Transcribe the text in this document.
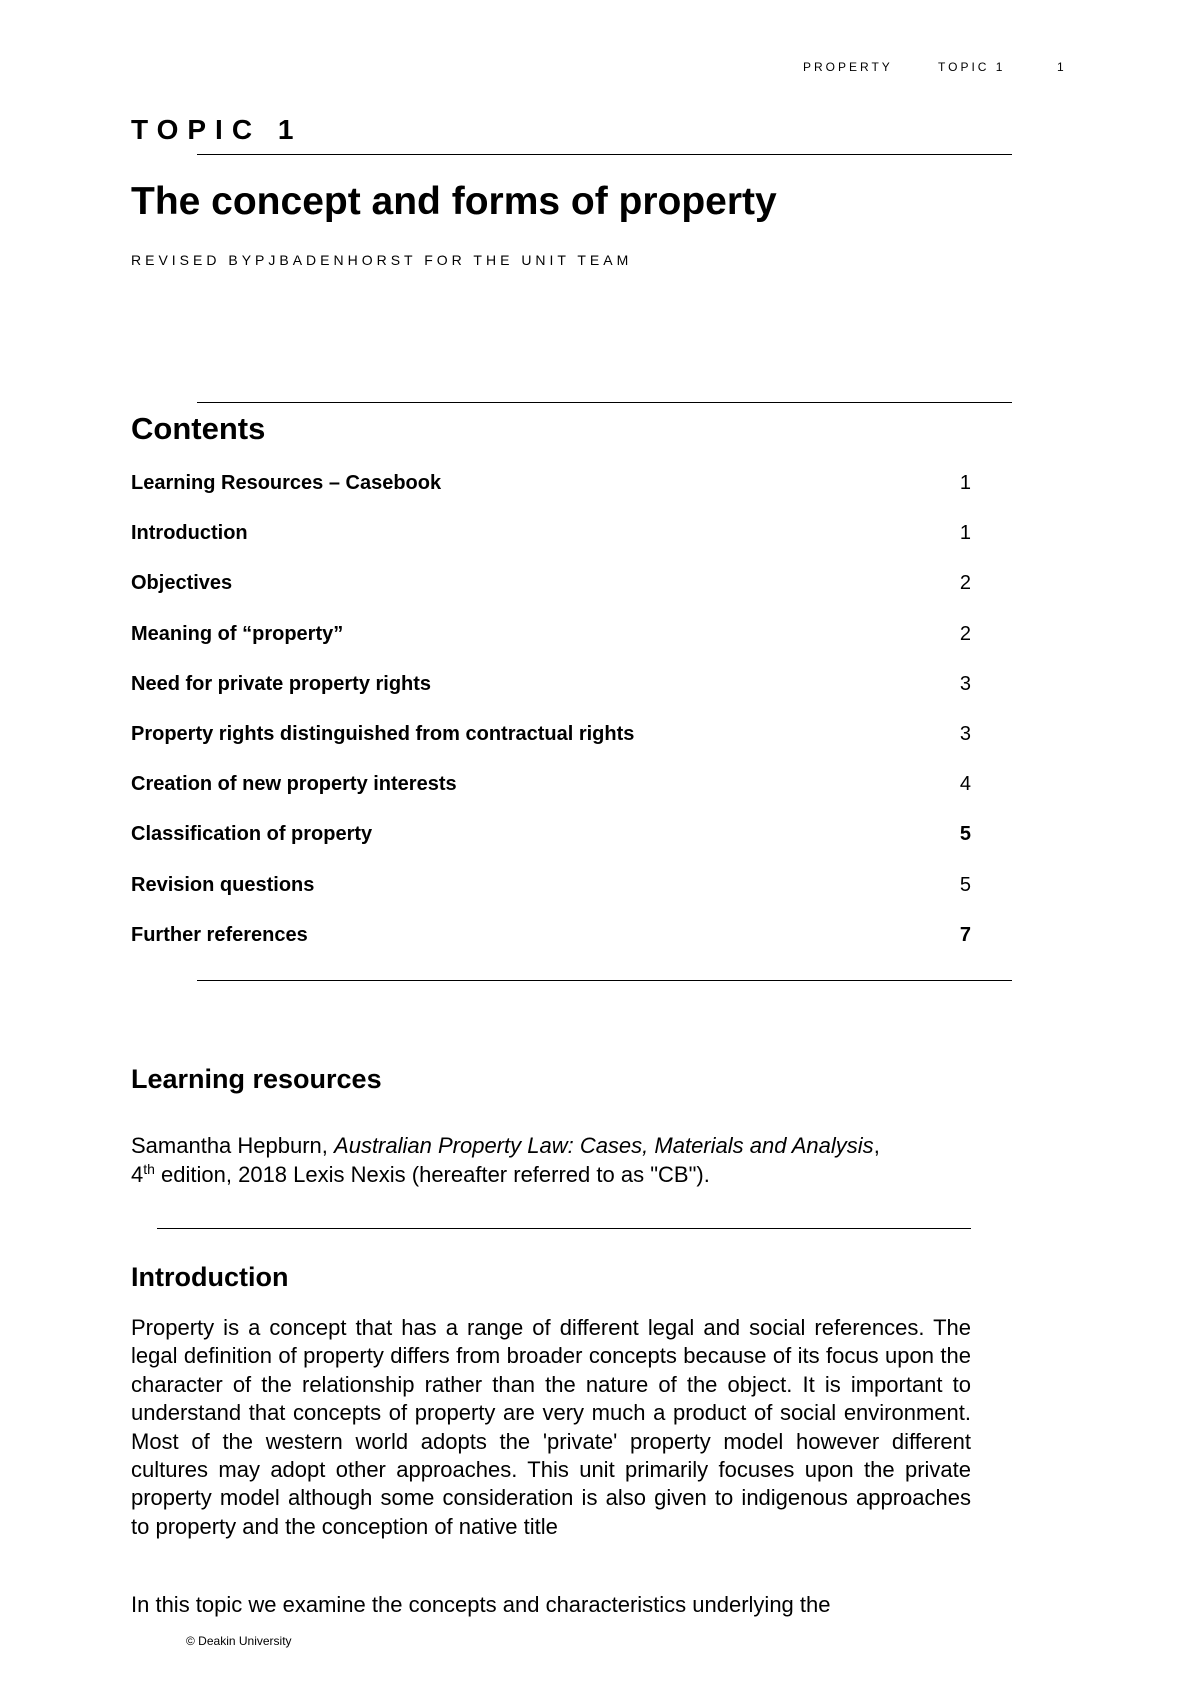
PROPERTY	TOPIC 1	1
TOPIC 1
The concept and forms of property
REVISED BYPJBADENHORST FOR THE UNIT TEAM
Contents
Learning Resources – Casebook	1
Introduction	1
Objectives	2
Meaning of “property”	2
Need for private property rights	3
Property rights distinguished from contractual rights	3
Creation of new property interests	4
Classification of property	5
Revision questions	5
Further references	7
Learning resources

Samantha Hepburn, Australian Property Law: Cases, Materials and Analysis,
4th edition, 2018 Lexis Nexis (hereafter referred to as "CB").

Introduction

Property is a concept that has a range of different legal and social references. The legal definition of property differs from broader concepts because of its focus upon the character of the relationship rather than the nature of the object. It is important to understand that concepts of property are very much a product of social environment. Most of the western world adopts the 'private' property model however different cultures may adopt other approaches. This unit primarily focuses upon the private property model although some consideration is also given to indigenous approaches to property and the conception of native title

In this topic we examine the concepts and characteristics underlying the

© Deakin University
